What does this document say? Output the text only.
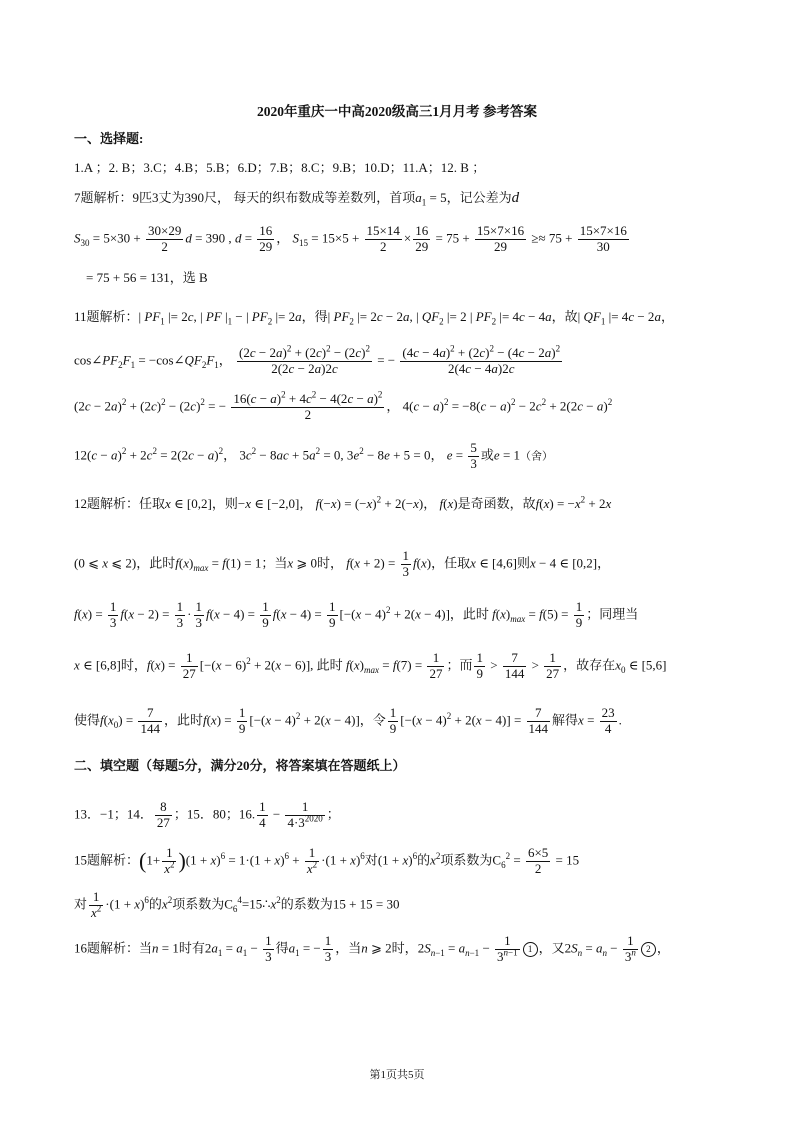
2020年重庆一中高2020级高三1月月考 参考答案
一、选择题:
1.A ；2. B；3.C；4.B；5.B；6.D；7.B；8.C；9.B；10.D；11.A；12. B ；
7题解析：9匹3丈为390尺， 每天的织布数成等差数列，首项$a_1 = 5$，记公差为d
$S_{30} = 5\times 30 + \frac{30\times 29}{2}$ d = 390 , $d = \frac{16}{29}$ ， $S_{15} = 15\times 5 + \frac{15\times 14}{2} \times \frac{16}{29} = 75 + \frac{15\times 7\times 16}{29} \ge\approx 75 + \frac{15\times 7\times 16}{30}$
= 75 + 56 = 131，选 B
11题解析：| $PF_1$ |= 2c, | PF $|_1$ − | $PF_2$ |= 2a，得| $PF_2$ |= 2c − 2a, | $QF_2$ |= 2 | $PF_2$ |= 4c − 4a，故| $QF_1$ |= 4c − 2a，
$\cos\angle PF_2F_1$ = $-\cos\angle QF_2F_1$， $\frac{(2c - 2a)^2 + (2c)^2 - (2c)^2}{2(2c - 2a)2c}$ = − $\frac{(4c - 4a)^2 + (2c)^2 - (4c - 2a)^2}{2(4c - 4a)2c}$
$(2c - 2a)^2 + (2c)^2 - (2c)^2$ = − $\frac{16(c - a)^2 + 4c^2 - 4(2c - a)^2}{2}$ ， $4(c - a)^2 = -8(c - a)^2 - 2c^2 + 2(2c - a)^2$
$12(c - a)^2 + 2c^2 = 2(2c - a)^2$， $3c^2 - 8ac + 5a^2 = 0$, $3e^2 - 8e + 5 = 0$， $e = \frac{5}{3}$ 或e = 1（舍）
12题解析：任取x ∈ [0,2]，则−x ∈ [−2,0]， $f(-x) = (-x)^2 + 2(-x)$， f(x)是奇函数，故$f(x) = -x^2 + 2x$
(0 ⩽ x ⩽ 2)，此时$f(x)_{max} = f(1) = 1$；当x ⩾ 0时， $f(x + 2) = \frac{1}{3} f(x)$，任取x ∈ [4,6]则x − 4 ∈ [0,2]，
$f(x) = \frac{1}{3} f(x - 2) = \frac{1}{3} \cdot \frac{1}{3} f(x - 4) = \frac{1}{9} f(x - 4) = \frac{1}{9} [-(x - 4)^2 + 2(x - 4)]$，此时 $f(x)_{max} = f(5) = \frac{1}{9}$ ；同理当
x ∈ [6,8]时，$f(x) = \frac{1}{27} [-(x - 6)^2 + 2(x - 6)]$, 此时 $f(x)_{max} = f(7) = \frac{1}{27}$ ；而 $\frac{1}{9} > \frac{7}{144} > \frac{1}{27}$ ，故存在$x_0$ ∈ [5,6]
使得$f(x_0) = \frac{7}{144}$ ，此时$f(x) = \frac{1}{9} [-(x - 4)^2 + 2(x - 4)]$，令 $\frac{1}{9} [-(x - 4)^2 + 2(x - 4)] = \frac{7}{144}$ 解得$x = \frac{23}{4}$ .
二、填空题（每题5分，满分20分，将答案填在答题纸上）
13．−1；14． $\frac{8}{27}$ ；15．80；16. $\frac{1}{4} - \frac{1}{4\cdot 3^{2020}}$ ；
15题解析：$(1+ \frac{1}{x^2} )(1 + x)^6 = 1\cdot(1 + x)^6 + \frac{1}{x^2} \cdot(1 + x)^6$对$(1 + x)^6$的$x^2$项系数为$C_6^2 = \frac{6\times 5}{2} = 15$
对 $\frac{1}{x^2} \cdot(1 + x)^6$的$x^2$项系数为$C_6^4=15\therefore x^2$的系数为15 + 15 = 30
16题解析：当n = 1时有$2a_1 = a_1 - \frac{1}{3}$ 得$a_1$ = − $\frac{1}{3}$ ，当n ⩾ 2时，$2S_{n-1} = a_{n-1} - \frac{1}{3^{n-1}} 1$ ，又$2S_n = a_n - \frac{1}{3^n} 2$ ，
第1页共5页
